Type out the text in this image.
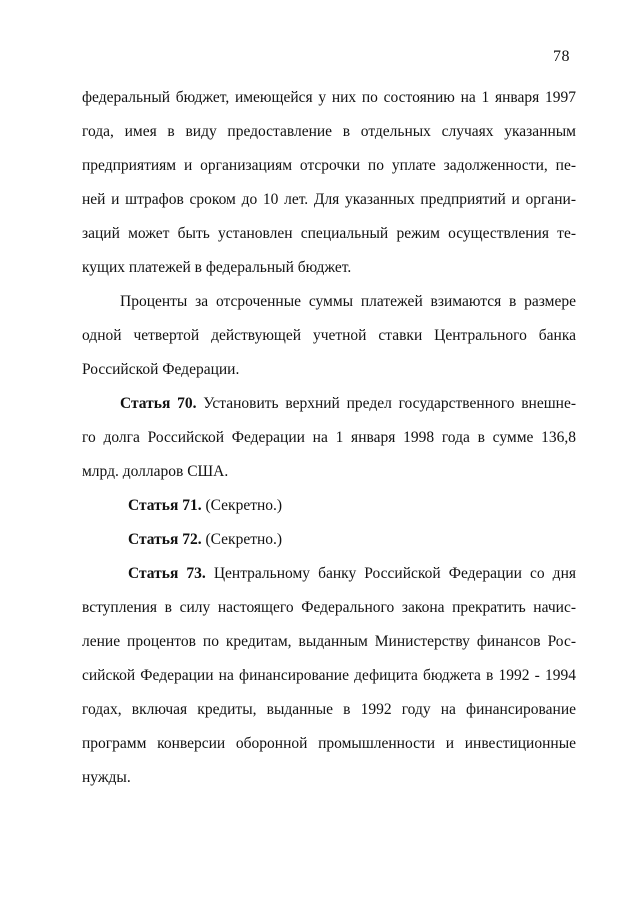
78
федеральный бюджет, имеющейся у них по состоянию на 1 января 1997
года, имея в виду предоставление в отдельных случаях указанным
предприятиям и организациям отсрочки по уплате задолженности, пе-
ней и штрафов сроком до 10 лет. Для указанных предприятий и органи-
заций может быть установлен специальный режим осуществления те-
кущих платежей в федеральный бюджет.
Проценты за отсроченные суммы платежей взимаются в размере
одной четвертой действующей учетной ставки Центрального банка
Российской Федерации.
Статья 70. Установить верхний предел государственного внешне-
го долга Российской Федерации на 1 января 1998 года в сумме 136,8
млрд. долларов США.
Статья 71. (Секретно.)
Статья 72. (Секретно.)
Статья 73. Центральному банку Российской Федерации со дня
вступления в силу настоящего Федерального закона прекратить начис-
ление процентов по кредитам, выданным Министерству финансов Рос-
сийской Федерации на финансирование дефицита бюджета в 1992 - 1994
годах, включая кредиты, выданные в 1992 году на финансирование
программ конверсии оборонной промышленности и инвестиционные
нужды.
